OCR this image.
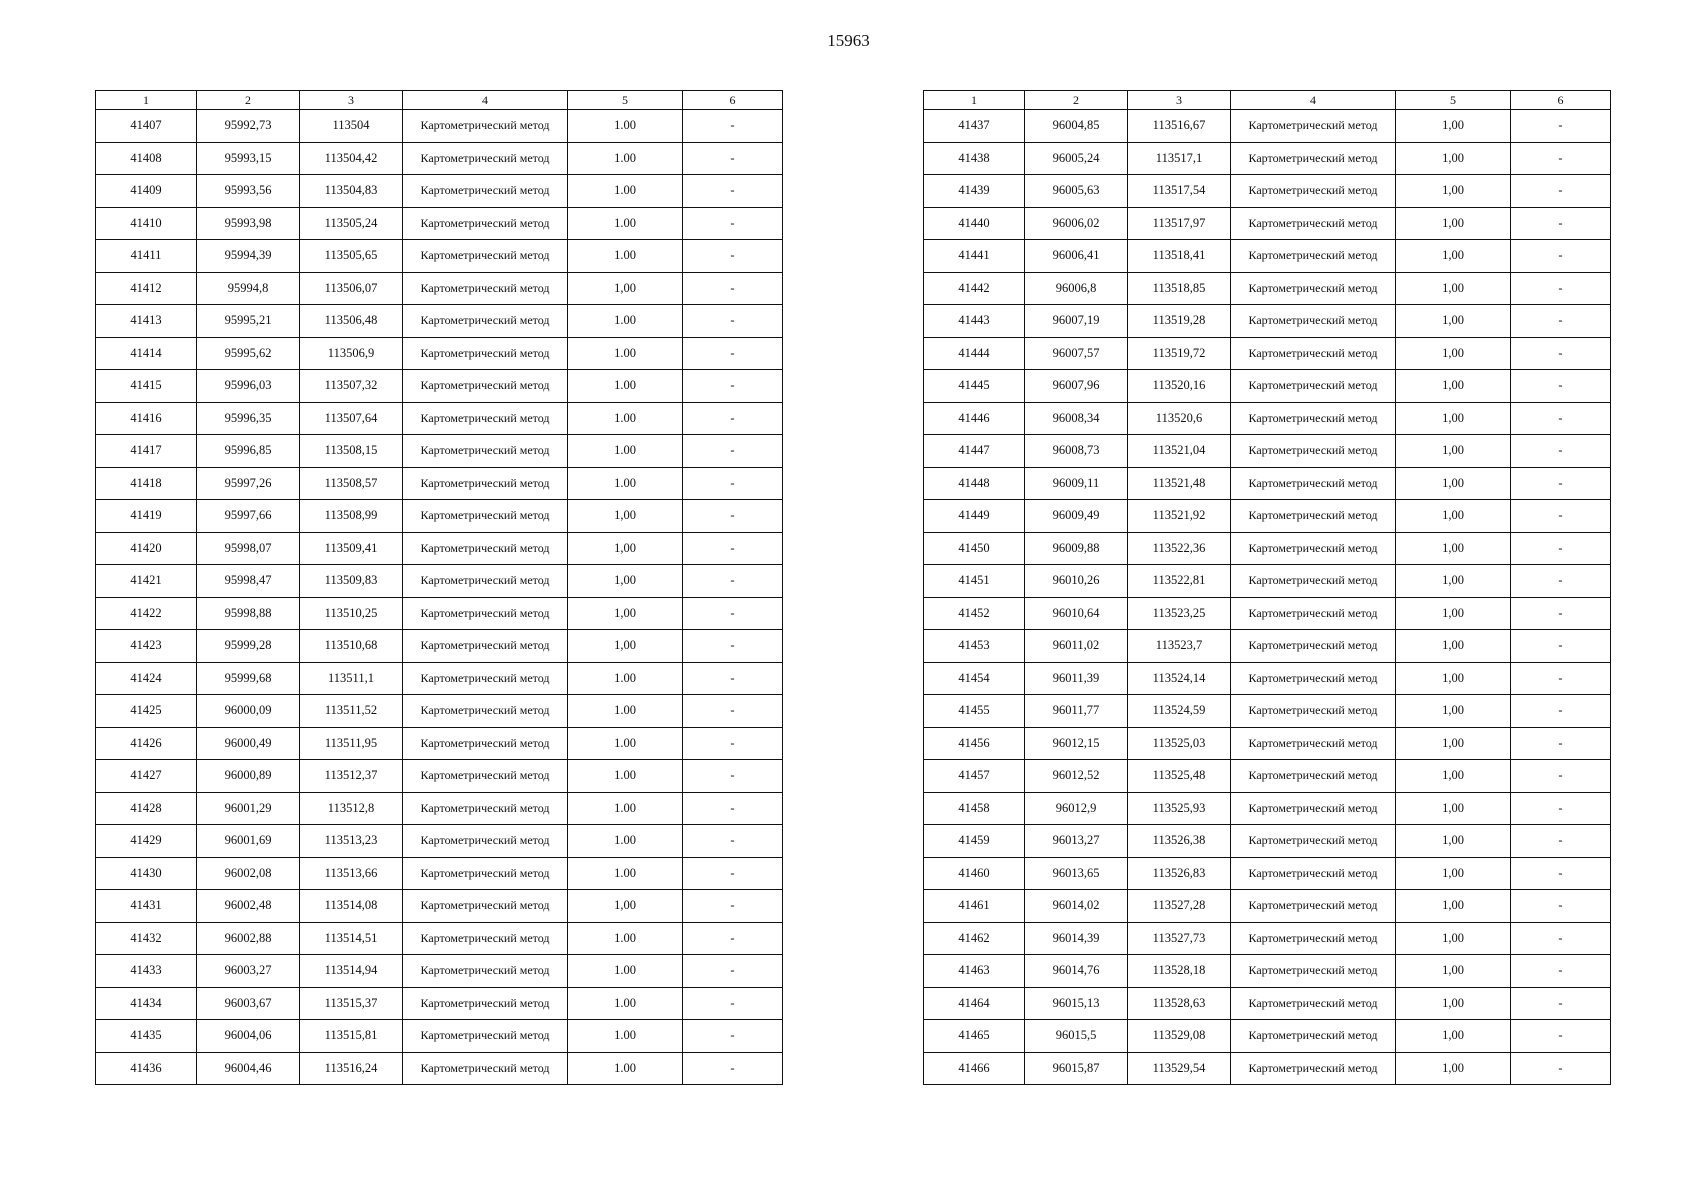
15963
1	2	3	4	5	6
41407	95992,73	113504	Картометрический метод	1.00	-
41408	95993,15	113504,42	Картометрический метод	1.00	-
41409	95993,56	113504,83	Картометрический метод	1.00	-
41410	95993,98	113505,24	Картометрический метод	1.00	-
41411	95994,39	113505,65	Картометрический метод	1.00	-
41412	95994,8	113506,07	Картометрический метод	1,00	-
41413	95995,21	113506,48	Картометрический метод	1.00	-
41414	95995,62	113506,9	Картометрический метод	1.00	-
41415	95996,03	113507,32	Картометрический метод	1.00	-
41416	95996,35	113507,64	Картометрический метод	1.00	-
41417	95996,85	113508,15	Картометрический метод	1.00	-
41418	95997,26	113508,57	Картометрический метод	1.00	-
41419	95997,66	113508,99	Картометрический метод	1,00	-
41420	95998,07	113509,41	Картометрический метод	1,00	-
41421	95998,47	113509,83	Картометрический метод	1,00	-
41422	95998,88	113510,25	Картометрический метод	1,00	-
41423	95999,28	113510,68	Картометрический метод	1,00	-
41424	95999,68	113511,1	Картометрический метод	1.00	-
41425	96000,09	113511,52	Картометрический метод	1.00	-
41426	96000,49	113511,95	Картометрический метод	1.00	-
41427	96000,89	113512,37	Картометрический метод	1.00	-
41428	96001,29	113512,8	Картометрический метод	1.00	-
41429	96001,69	113513,23	Картометрический метод	1.00	-
41430	96002,08	113513,66	Картометрический метод	1.00	-
41431	96002,48	113514,08	Картометрический метод	1,00	-
41432	96002,88	113514,51	Картометрический метод	1.00	-
41433	96003,27	113514,94	Картометрический метод	1.00	-
41434	96003,67	113515,37	Картометрический метод	1.00	-
41435	96004,06	113515,81	Картометрический метод	1.00	-
41436	96004,46	113516,24	Картометрический метод	1.00	-
1	2	3	4	5	6
41437	96004,85	113516,67	Картометрический метод	1,00	-
41438	96005,24	113517,1	Картометрический метод	1,00	-
41439	96005,63	113517,54	Картометрический метод	1,00	-
41440	96006,02	113517,97	Картометрический метод	1,00	-
41441	96006,41	113518,41	Картометрический метод	1,00	-
41442	96006,8	113518,85	Картометрический метод	1,00	-
41443	96007,19	113519,28	Картометрический метод	1,00	-
41444	96007,57	113519,72	Картометрический метод	1,00	-
41445	96007,96	113520,16	Картометрический метод	1,00	-
41446	96008,34	113520,6	Картометрический метод	1,00	-
41447	96008,73	113521,04	Картометрический метод	1,00	-
41448	96009,11	113521,48	Картометрический метод	1,00	-
41449	96009,49	113521,92	Картометрический метод	1,00	-
41450	96009,88	113522,36	Картометрический метод	1,00	-
41451	96010,26	113522,81	Картометрический метод	1,00	-
41452	96010,64	113523,25	Картометрический метод	1,00	-
41453	96011,02	113523,7	Картометрический метод	1,00	-
41454	96011,39	113524,14	Картометрический метод	1,00	-
41455	96011,77	113524,59	Картометрический метод	1,00	-
41456	96012,15	113525,03	Картометрический метод	1,00	-
41457	96012,52	113525,48	Картометрический метод	1,00	-
41458	96012,9	113525,93	Картометрический метод	1,00	-
41459	96013,27	113526,38	Картометрический метод	1,00	-
41460	96013,65	113526,83	Картометрический метод	1,00	-
41461	96014,02	113527,28	Картометрический метод	1,00	-
41462	96014,39	113527,73	Картометрический метод	1,00	-
41463	96014,76	113528,18	Картометрический метод	1,00	-
41464	96015,13	113528,63	Картометрический метод	1,00	-
41465	96015,5	113529,08	Картометрический метод	1,00	-
41466	96015,87	113529,54	Картометрический метод	1,00	-
